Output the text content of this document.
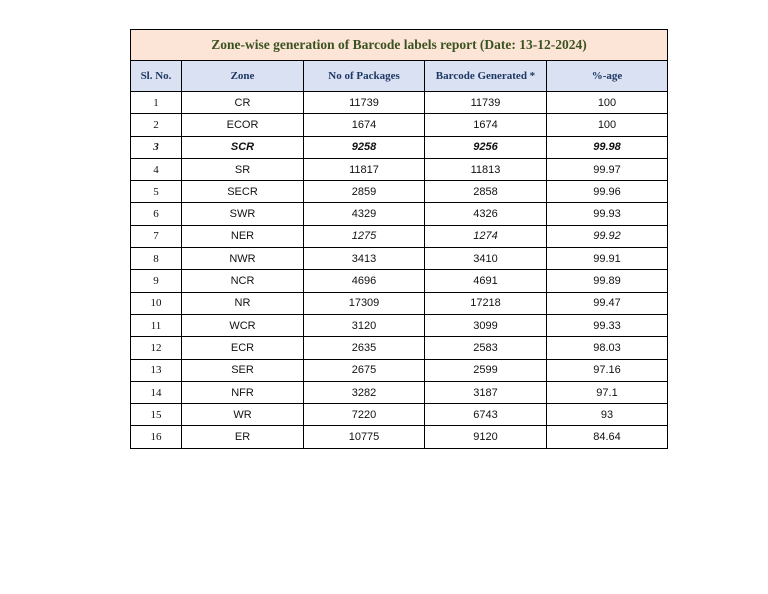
Zone-wise generation of Barcode labels report (Date: 13-12-2024)				
Sl. No.	Zone	No of Packages	Barcode Generated *	%-age
1	CR	11739	11739	100
2	ECOR	1674	1674	100
3	SCR	9258	9256	99.98
4	SR	11817	11813	99.97
5	SECR	2859	2858	99.96
6	SWR	4329	4326	99.93
7	NER	1275	1274	99.92
8	NWR	3413	3410	99.91
9	NCR	4696	4691	99.89
10	NR	17309	17218	99.47
11	WCR	3120	3099	99.33
12	ECR	2635	2583	98.03
13	SER	2675	2599	97.16
14	NFR	3282	3187	97.1
15	WR	7220	6743	93
16	ER	10775	9120	84.64
